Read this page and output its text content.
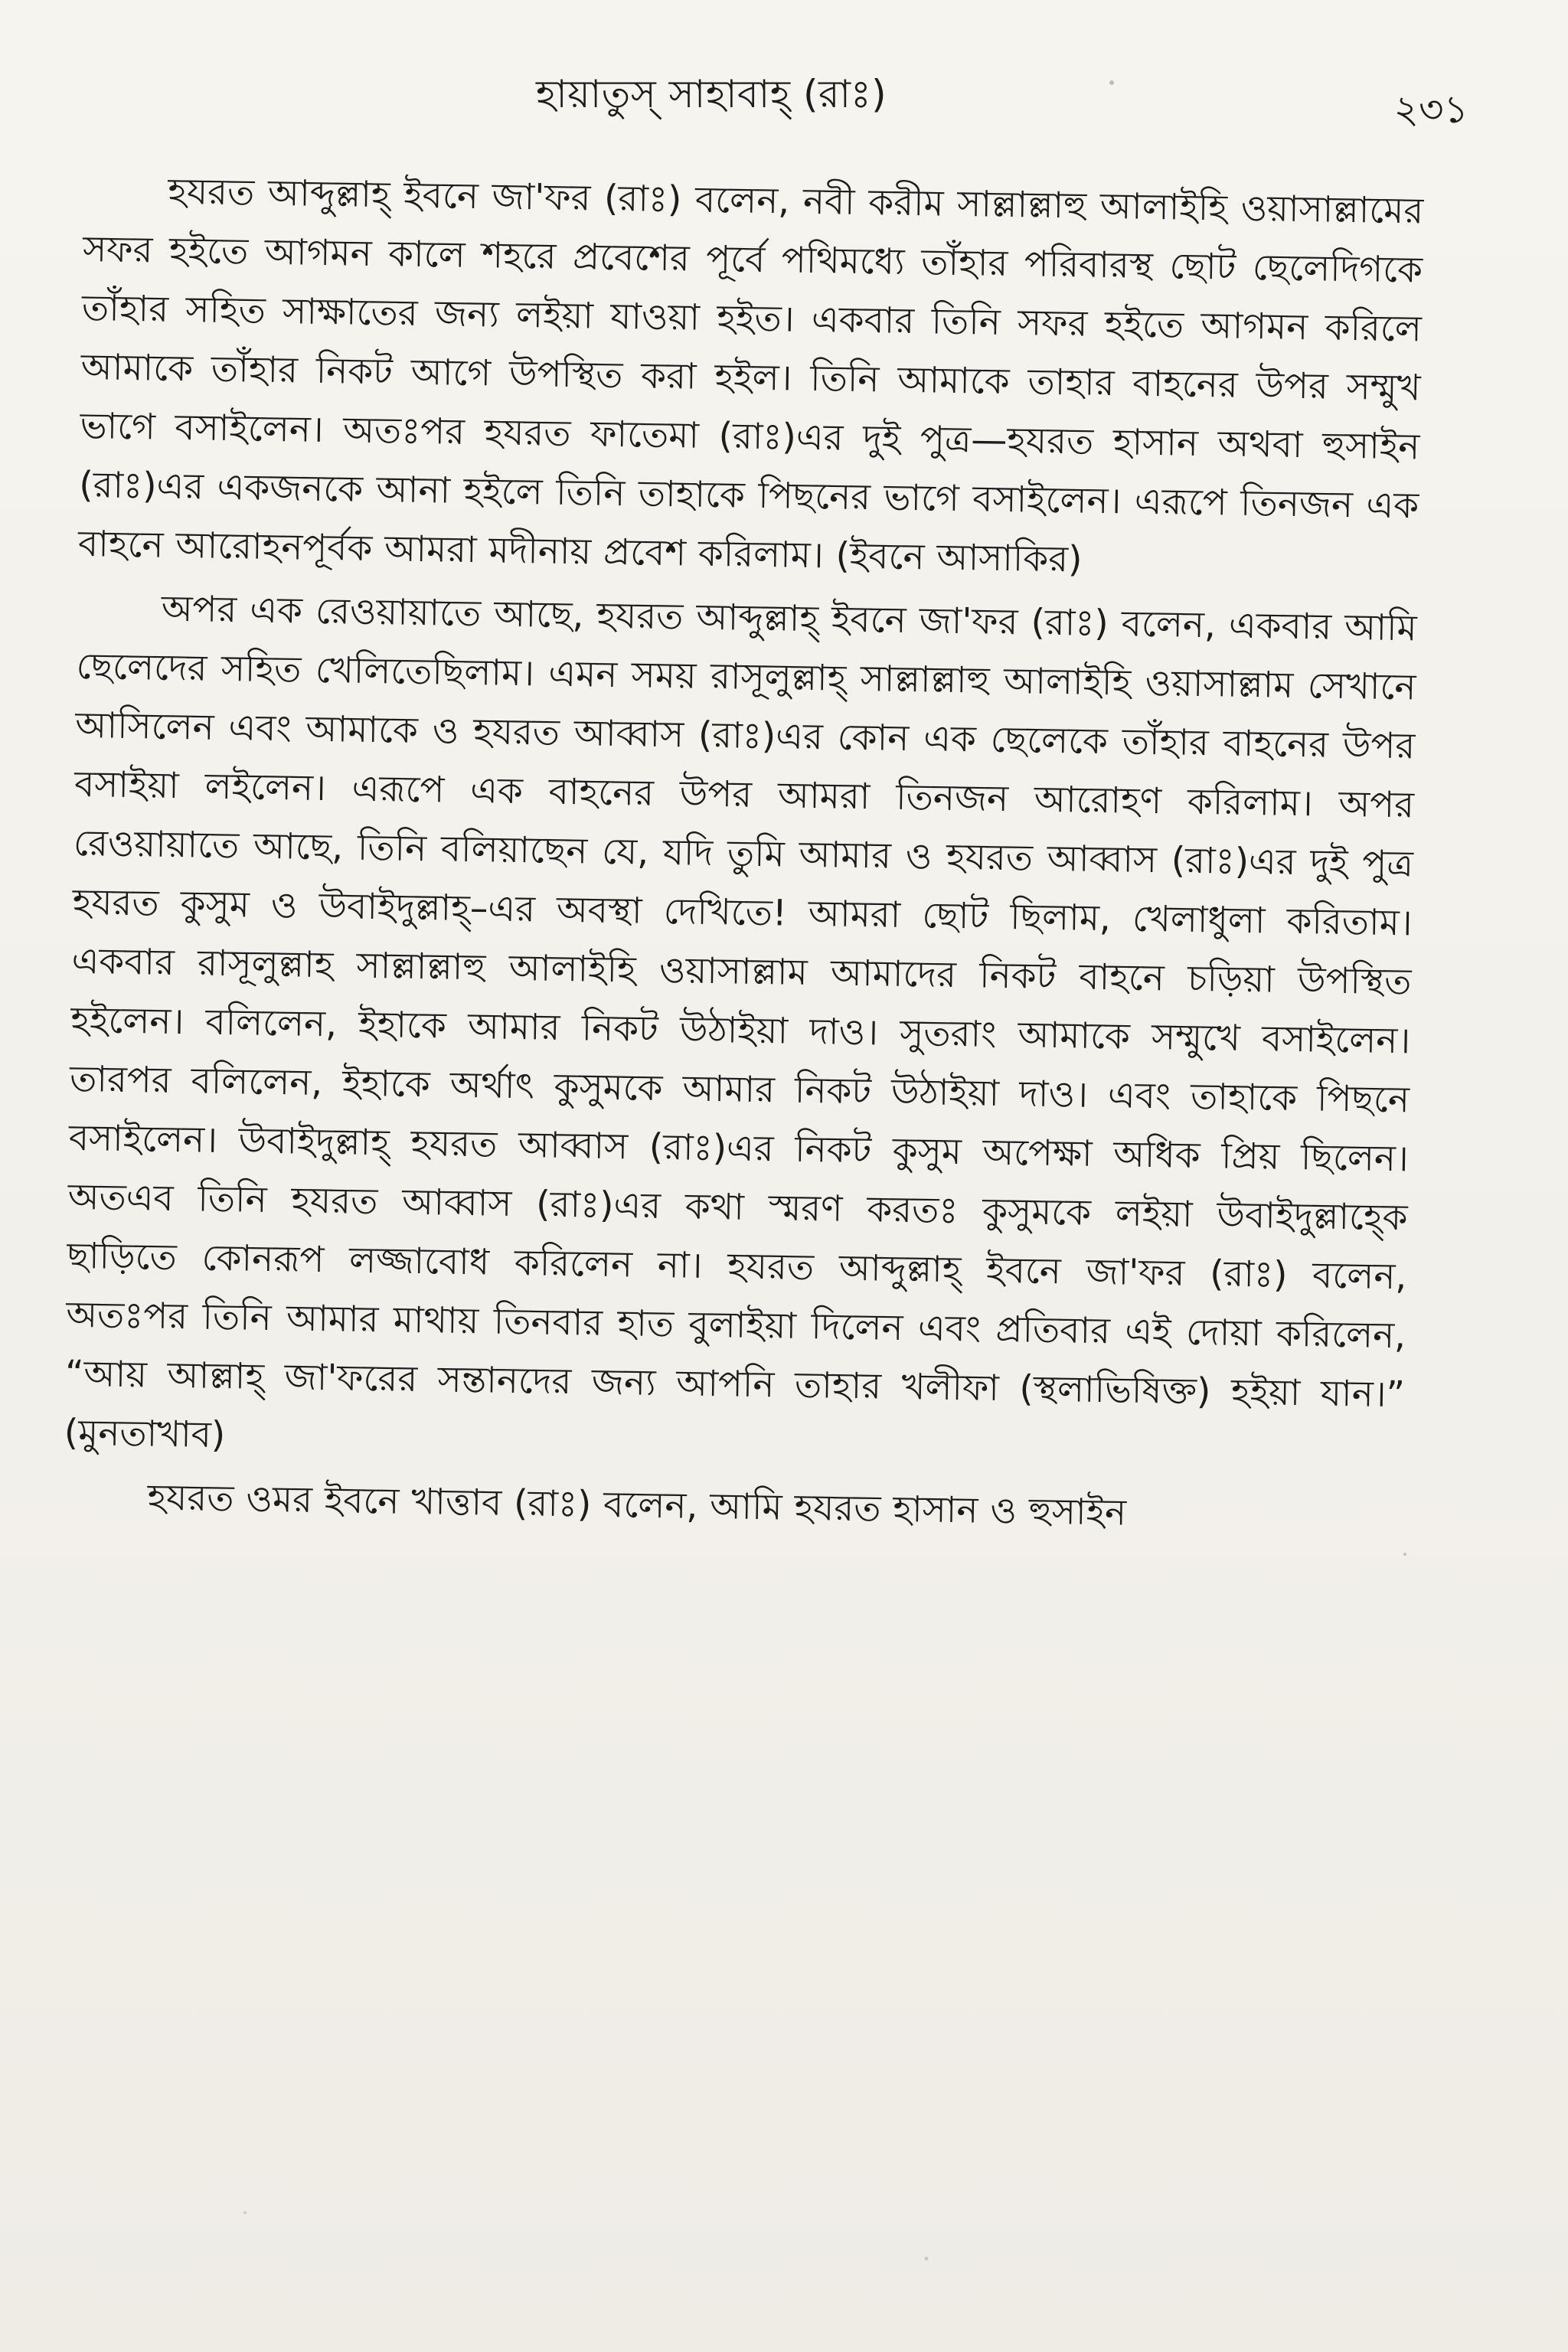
হায়াতুস্ সাহাবাহ্ (রাঃ)	২৩১

হযরত আব্দুল্লাহ্ ইবনে জা'ফর (রাঃ) বলেন, নবী করীম সাল্লাল্লাহু আলাইহি ওয়াসাল্লামের সফর হইতে আগমন কালে শহরে প্রবেশের পূর্বে পথিমধ্যে তাঁহার পরিবারস্থ ছোট ছেলেদিগকে তাঁহার সহিত সাক্ষাতের জন্য লইয়া যাওয়া হইত। একবার তিনি সফর হইতে আগমন করিলে আমাকে তাঁহার নিকট আগে উপস্থিত করা হইল। তিনি আমাকে তাহার বাহনের উপর সম্মুখ ভাগে বসাইলেন। অতঃপর হযরত ফাতেমা (রাঃ)এর দুই পুত্র—হযরত হাসান অথবা হুসাইন (রাঃ)এর একজনকে আনা হইলে তিনি তাহাকে পিছনের ভাগে বসাইলেন। এরূপে তিনজন এক বাহনে আরোহনপূর্বক আমরা মদীনায় প্রবেশ করিলাম। (ইবনে আসাকির)

অপর এক রেওয়ায়াতে আছে, হযরত আব্দুল্লাহ্ ইবনে জা'ফর (রাঃ) বলেন, একবার আমি ছেলেদের সহিত খেলিতেছিলাম। এমন সময় রাসূলুল্লাহ্ সাল্লাল্লাহু আলাইহি ওয়াসাল্লাম সেখানে আসিলেন এবং আমাকে ও হযরত আব্বাস (রাঃ)এর কোন এক ছেলেকে তাঁহার বাহনের উপর বসাইয়া লইলেন। এরূপে এক বাহনের উপর আমরা তিনজন আরোহণ করিলাম। অপর রেওয়ায়াতে আছে, তিনি বলিয়াছেন যে, যদি তুমি আমার ও হযরত আব্বাস (রাঃ)এর দুই পুত্র হযরত কুসুম ও উবাইদুল্লাহ্–এর অবস্থা দেখিতে! আমরা ছোট ছিলাম, খেলাধুলা করিতাম। একবার রাসূলুল্লাহ সাল্লাল্লাহু আলাইহি ওয়াসাল্লাম আমাদের নিকট বাহনে চড়িয়া উপস্থিত হইলেন। বলিলেন, ইহাকে আমার নিকট উঠাইয়া দাও। সুতরাং আমাকে সম্মুখে বসাইলেন। তারপর বলিলেন, ইহাকে অর্থাৎ কুসুমকে আমার নিকট উঠাইয়া দাও। এবং তাহাকে পিছনে বসাইলেন। উবাইদুল্লাহ্ হযরত আব্বাস (রাঃ)এর নিকট কুসুম অপেক্ষা অধিক প্রিয় ছিলেন। অতএব তিনি হযরত আব্বাস (রাঃ)এর কথা স্মরণ করতঃ কুসুমকে লইয়া উবাইদুল্লাহ্কে ছাড়িতে কোনরূপ লজ্জাবোধ করিলেন না। হযরত আব্দুল্লাহ্ ইবনে জা'ফর (রাঃ) বলেন, অতঃপর তিনি আমার মাথায় তিনবার হাত বুলাইয়া দিলেন এবং প্রতিবার এই দোয়া করিলেন, “আয় আল্লাহ্ জা'ফরের সন্তানদের জন্য আপনি তাহার খলীফা (স্থলাভিষিক্ত) হইয়া যান।” (মুনতাখাব)

হযরত ওমর ইবনে খাত্তাব (রাঃ) বলেন, আমি হযরত হাসান ও হুসাইন
